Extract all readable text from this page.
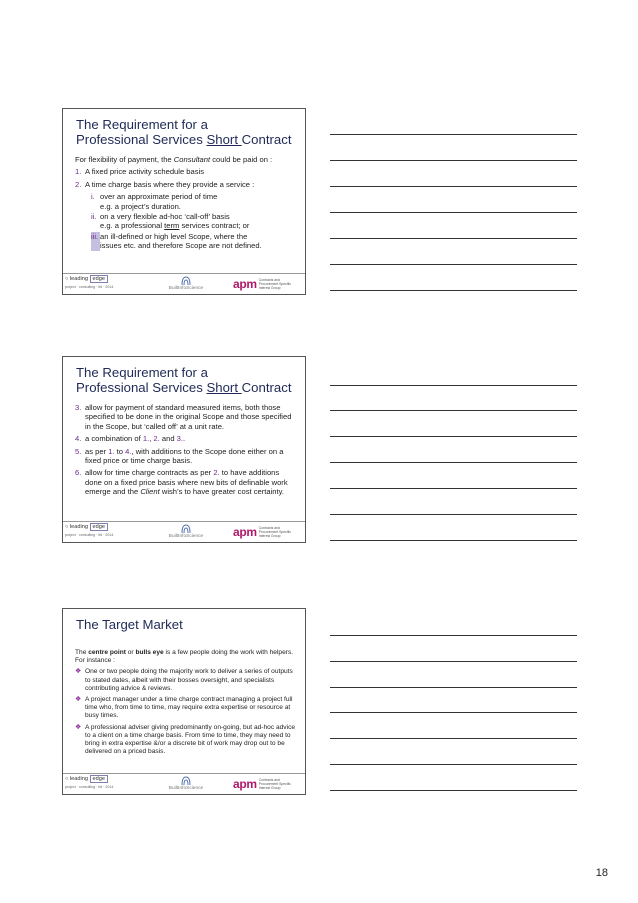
The Requirement for a
Professional Services Short Contract
For flexibility of payment, the Consultant could be paid on :
1. A fixed price activity schedule basis
2. A time charge basis where they provide a service :
i. over an approximate period of time
e.g. a project’s duration.
ii. on a very flexible ad-hoc ‘call-off’ basis
e.g. a professional term services contract; or
iii. an ill-defined or high level Scope, where the
issues etc. and therefore Scope are not defined.
○ leading edge
project · consulting · ltd · 2014	BuiltInfoScience	apm Contracts and Procurement Specific Interest Group
The Requirement for a
Professional Services Short Contract
3. allow for payment of standard measured items, both those specified to be done in the original Scope and those specified in the Scope, but ‘called off’ at a unit rate.
4. a combination of 1., 2. and 3..
5. as per 1. to 4., with additions to the Scope done either on a fixed price or time charge basis.
6. allow for time charge contracts as per 2. to have additions done on a fixed price basis where new bits of definable work emerge and the Client wish’s to have greater cost certainty.
○ leading edge
project · consulting · ltd · 2014	BuiltInfoScience	apm Contracts and Procurement Specific Interest Group
The Target Market
The centre point or bulls eye is a few people doing the work with helpers. For instance :
❖ One or two people doing the majority work to deliver a series of outputs to stated dates, albeit with their bosses oversight, and specialists contributing advice & reviews.
❖ A project manager under a time charge contract managing a project full time who, from time to time, may require extra expertise or resource at busy times.
❖ A professional adviser giving predominantly on-going, but ad-hoc advice to a client on a time charge basis. From time to time, they may need to bring in extra expertise &/or a discrete bit of work may drop out to be delivered on a priced basis.
○ leading edge
project · consulting · ltd · 2014	BuiltInfoScience	apm Contracts and Procurement Specific Interest Group
18
